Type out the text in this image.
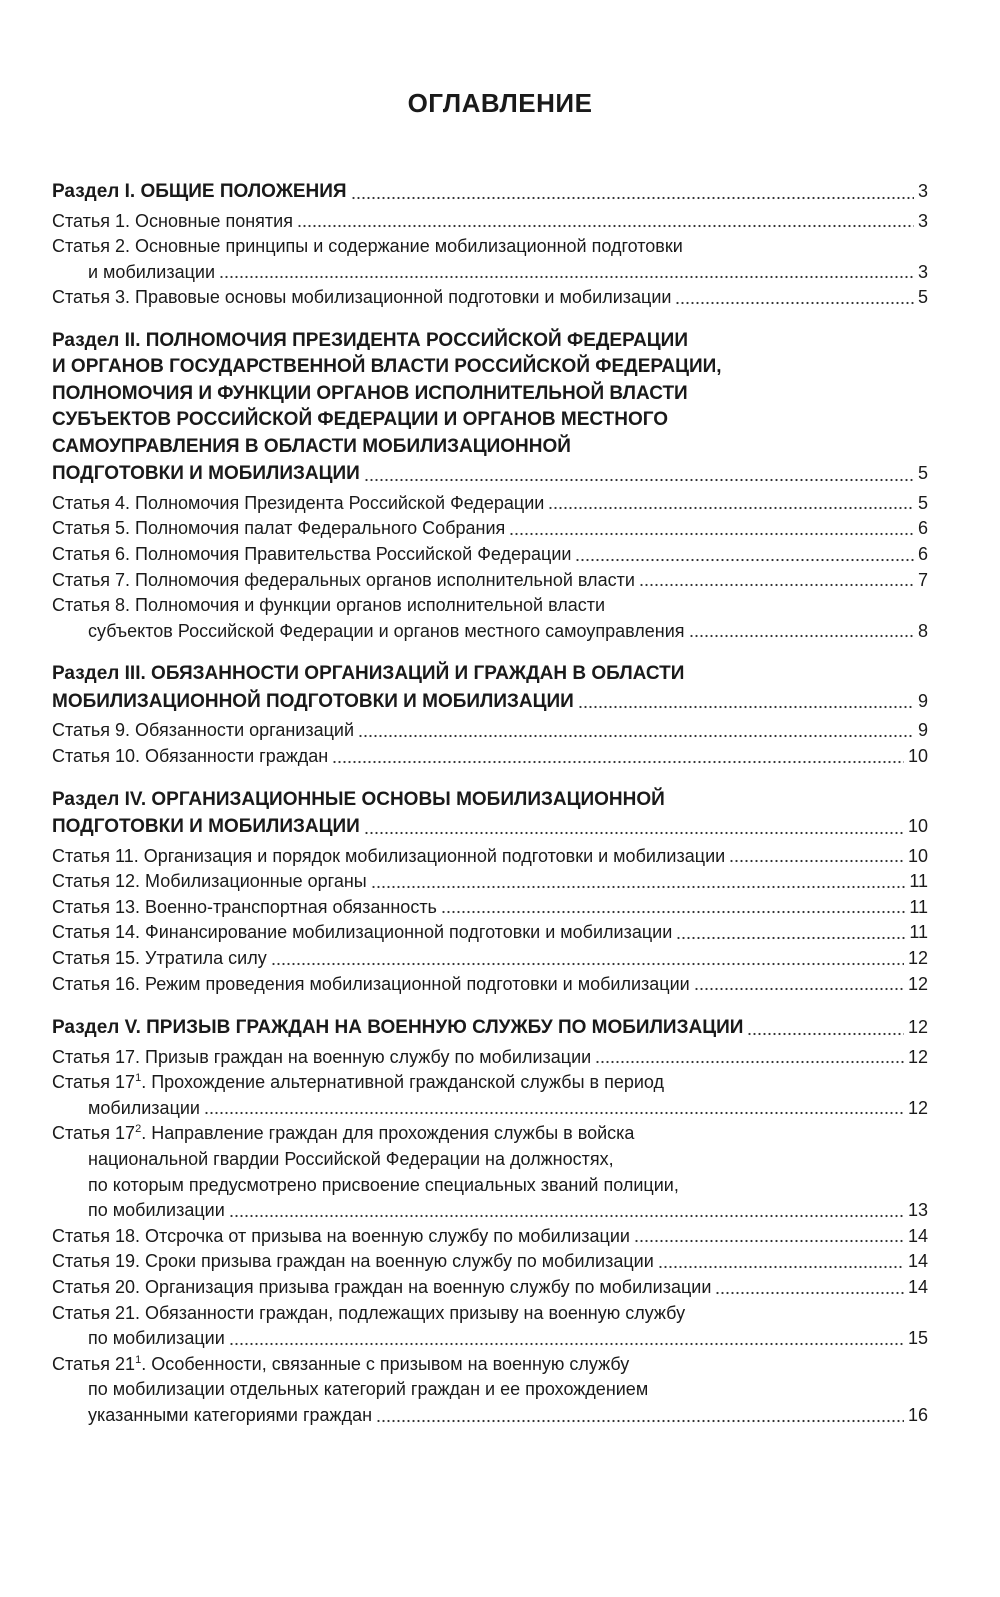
ОГЛАВЛЕНИЕ
Раздел I. ОБЩИЕ ПОЛОЖЕНИЯ	3
Статья 1. Основные понятия	3
Статья 2. Основные принципы и содержание мобилизационной подготовки
и мобилизации	3
Статья 3. Правовые основы мобилизационной подготовки и мобилизации	5
Раздел II. ПОЛНОМОЧИЯ ПРЕЗИДЕНТА РОССИЙСКОЙ ФЕДЕРАЦИИ
И ОРГАНОВ ГОСУДАРСТВЕННОЙ ВЛАСТИ РОССИЙСКОЙ ФЕДЕРАЦИИ,
ПОЛНОМОЧИЯ И ФУНКЦИИ ОРГАНОВ ИСПОЛНИТЕЛЬНОЙ ВЛАСТИ
СУБЪЕКТОВ РОССИЙСКОЙ ФЕДЕРАЦИИ И ОРГАНОВ МЕСТНОГО
САМОУПРАВЛЕНИЯ В ОБЛАСТИ МОБИЛИЗАЦИОННОЙ
ПОДГОТОВКИ И МОБИЛИЗАЦИИ	5
Статья 4. Полномочия Президента Российской Федерации	5
Статья 5. Полномочия палат Федерального Собрания	6
Статья 6. Полномочия Правительства Российской Федерации	6
Статья 7. Полномочия федеральных органов исполнительной власти	7
Статья 8. Полномочия и функции органов исполнительной власти
субъектов Российской Федерации и органов местного самоуправления	8
Раздел III. ОБЯЗАННОСТИ ОРГАНИЗАЦИЙ И ГРАЖДАН В ОБЛАСТИ
МОБИЛИЗАЦИОННОЙ ПОДГОТОВКИ И МОБИЛИЗАЦИИ	9
Статья 9. Обязанности организаций	9
Статья 10. Обязанности граждан	10
Раздел IV. ОРГАНИЗАЦИОННЫЕ ОСНОВЫ МОБИЛИЗАЦИОННОЙ
ПОДГОТОВКИ И МОБИЛИЗАЦИИ	10
Статья 11. Организация и порядок мобилизационной подготовки и мобилизации	10
Статья 12. Мобилизационные органы	11
Статья 13. Военно-транспортная обязанность	11
Статья 14. Финансирование мобилизационной подготовки и мобилизации	11
Статья 15. Утратила силу	12
Статья 16. Режим проведения мобилизационной подготовки и мобилизации	12
Раздел V. ПРИЗЫВ ГРАЖДАН НА ВОЕННУЮ СЛУЖБУ ПО МОБИЛИЗАЦИИ	12
Статья 17. Призыв граждан на военную службу по мобилизации	12
Статья $17^1$. Прохождение альтернативной гражданской службы в период
мобилизации	12
Статья $17^2$. Направление граждан для прохождения службы в войска
национальной гвардии Российской Федерации на должностях,
по которым предусмотрено присвоение специальных званий полиции,
по мобилизации	13
Статья 18. Отсрочка от призыва на военную службу по мобилизации	14
Статья 19. Сроки призыва граждан на военную службу по мобилизации	14
Статья 20. Организация призыва граждан на военную службу по мобилизации	14
Статья 21. Обязанности граждан, подлежащих призыву на военную службу
по мобилизации	15
Статья $21^1$. Особенности, связанные с призывом на военную службу
по мобилизации отдельных категорий граждан и ее прохождением
указанными категориями граждан	16
